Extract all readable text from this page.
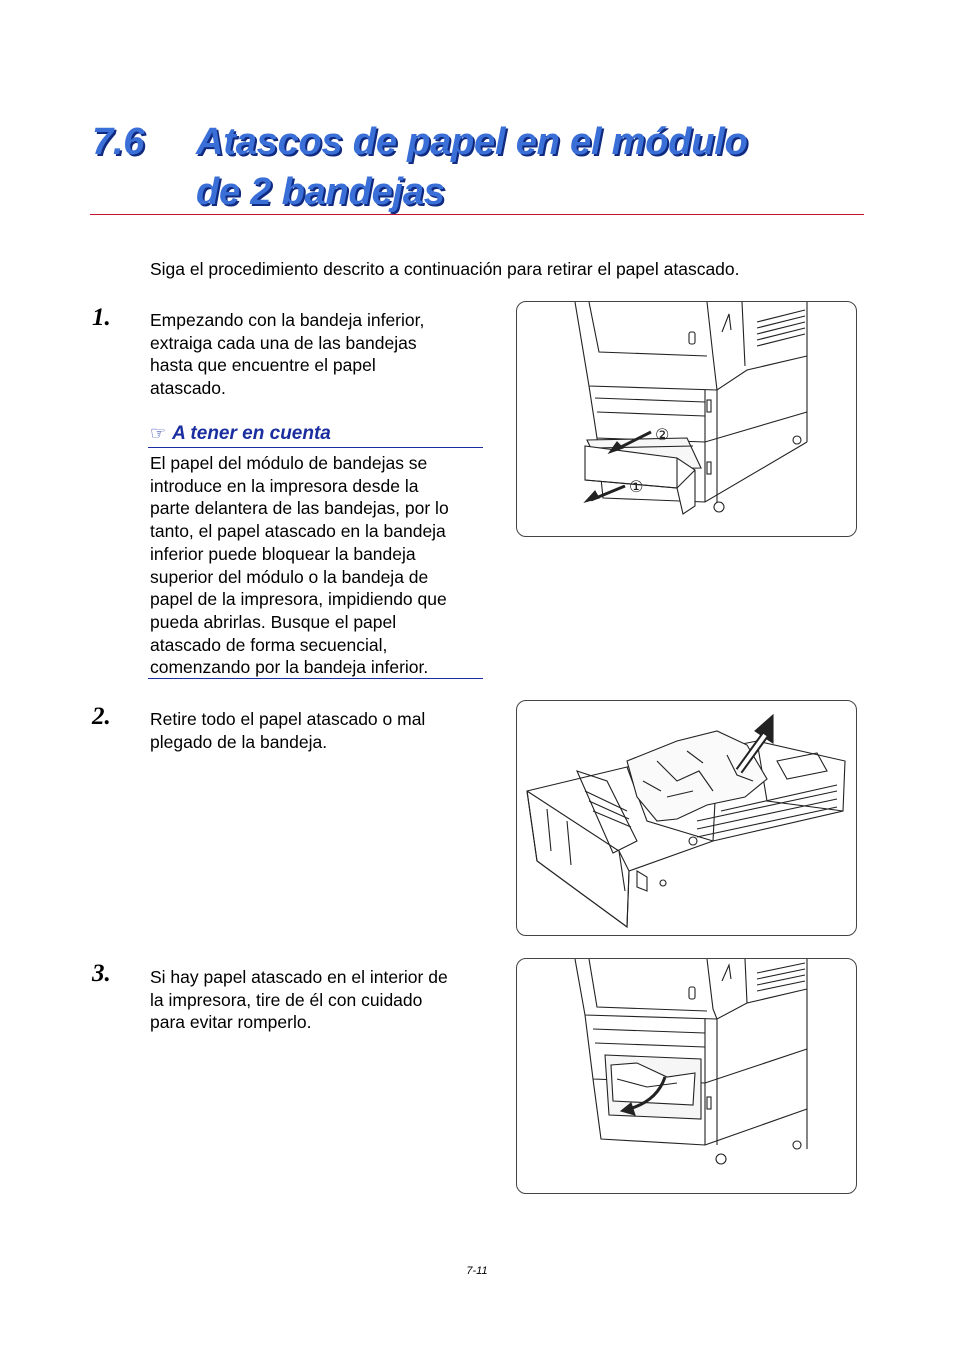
7.6 Atascos de papel en el módulo
de 2 bandejas

Siga el procedimiento descrito a continuación para retirar el papel atascado.

1. Empezando con la bandeja inferior,
extraiga cada una de las bandejas
hasta que encuentre el papel
atascado.
☞ A tener en cuenta
El papel del módulo de bandejas se
introduce en la impresora desde la
parte delantera de las bandejas, por lo
tanto, el papel atascado en la bandeja
inferior puede bloquear la bandeja
superior del módulo o la bandeja de
papel de la impresora, impidiendo que
pueda abrirlas. Busque el papel
atascado de forma secuencial,
comenzando por la bandeja inferior.
②
①
2. Retire todo el papel atascado o mal
plegado de la bandeja.
3. Si hay papel atascado en el interior de
la impresora, tire de él con cuidado
para evitar romperlo.
7-11
